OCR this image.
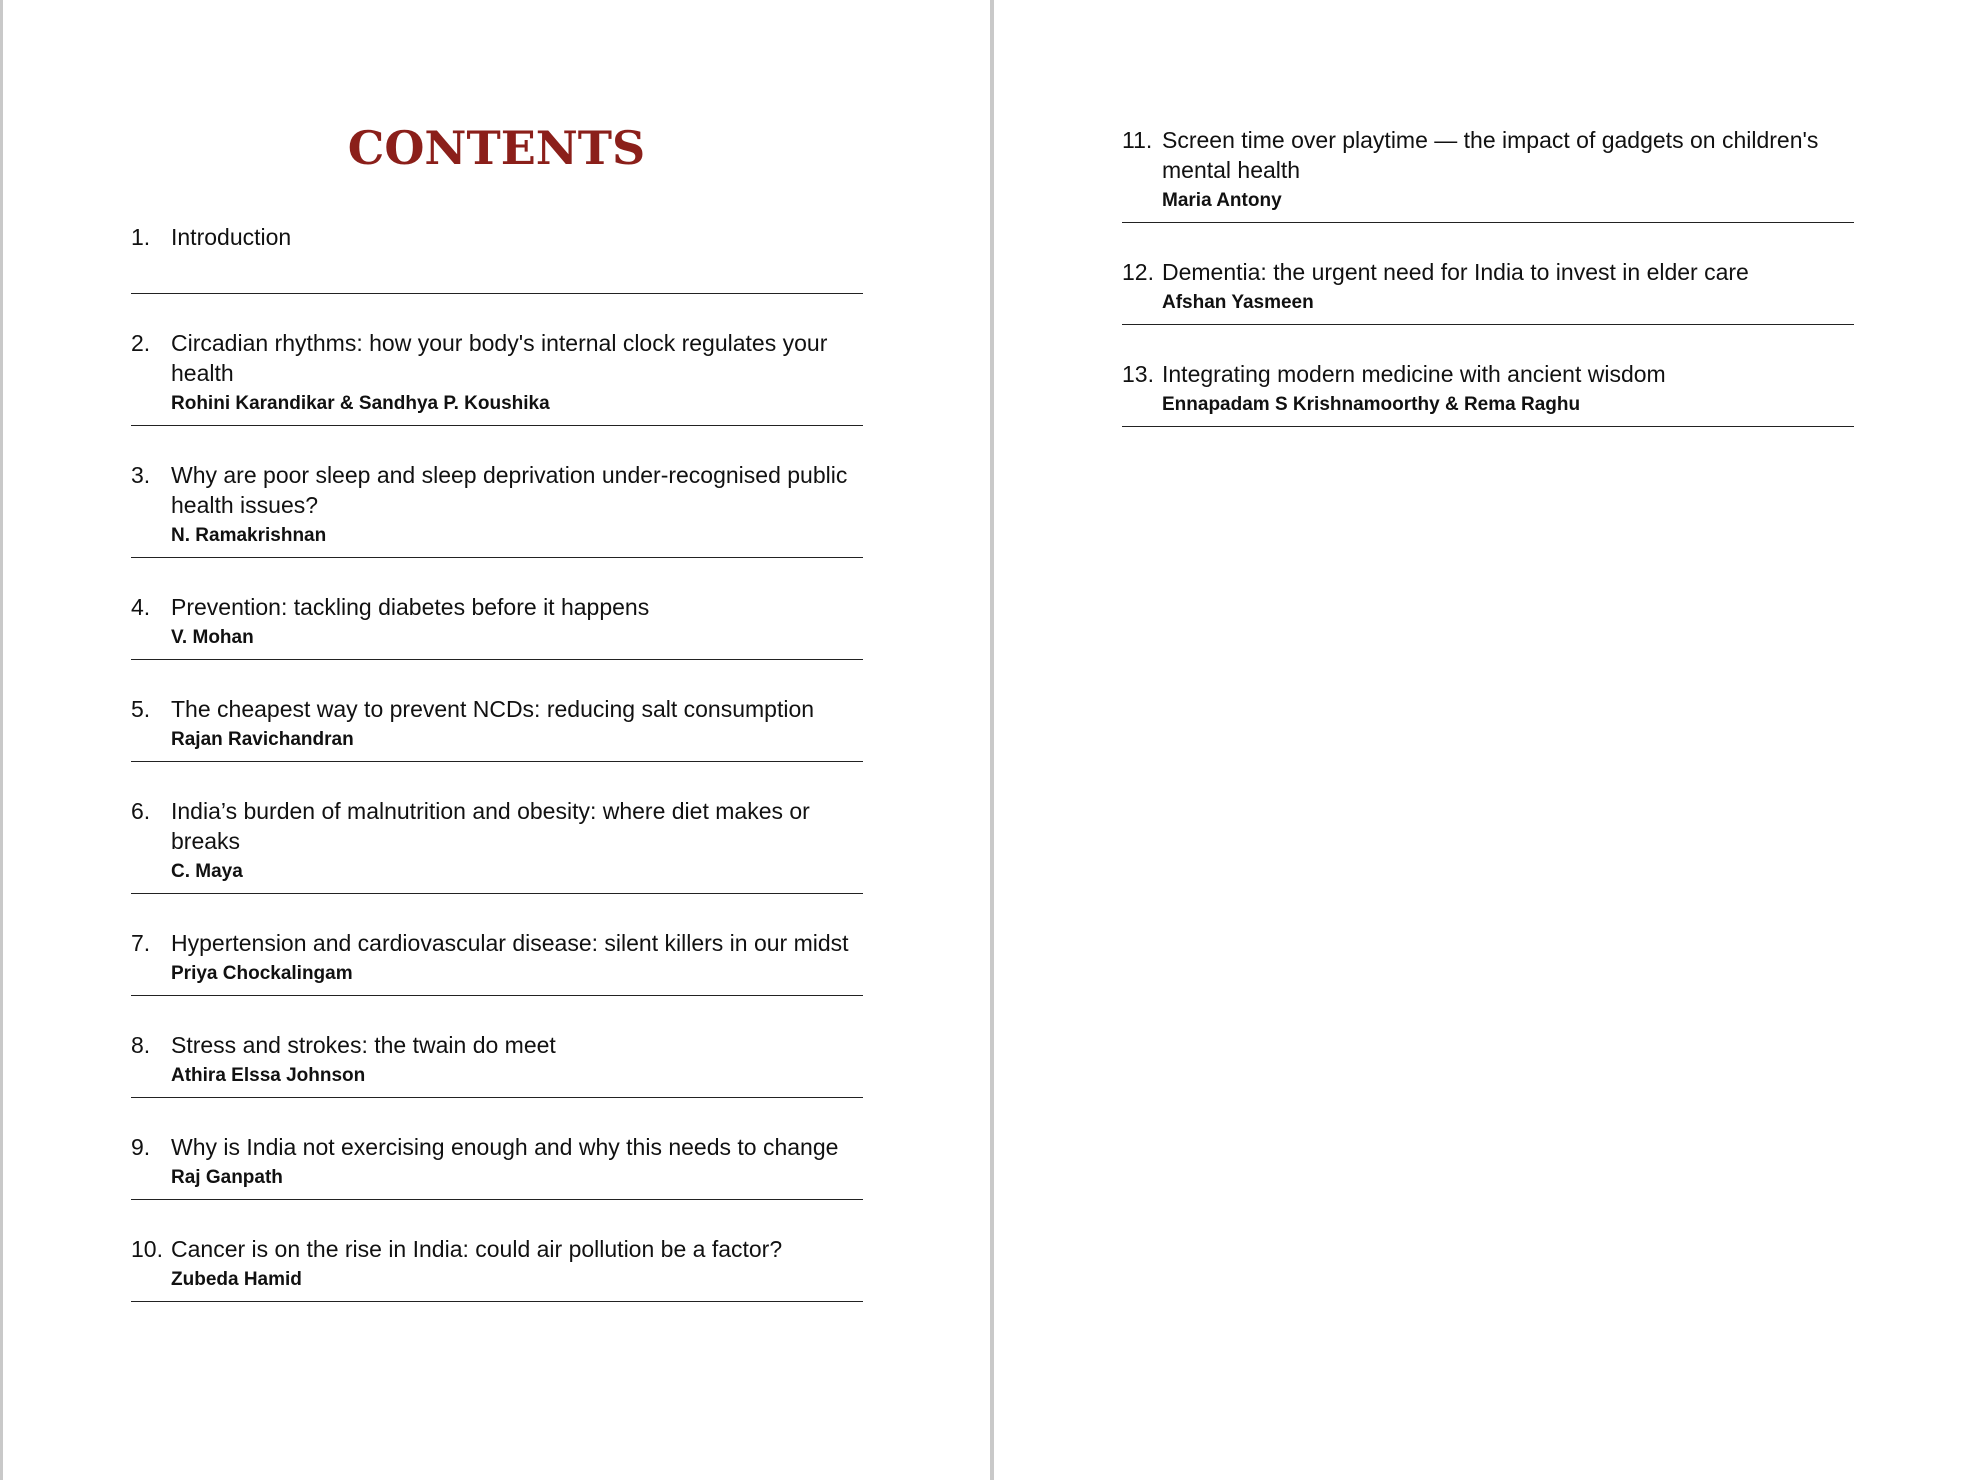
CONTENTS
1. Introduction
2. Circadian rhythms: how your body's internal clock regulates your health
Rohini Karandikar & Sandhya P. Koushika
3. Why are poor sleep and sleep deprivation under-recognised public health issues?
N. Ramakrishnan
4. Prevention: tackling diabetes before it happens
V. Mohan
5. The cheapest way to prevent NCDs: reducing salt consumption
Rajan Ravichandran
6. India’s burden of malnutrition and obesity: where diet makes or breaks
C. Maya
7. Hypertension and cardiovascular disease: silent killers in our midst
Priya Chockalingam
8. Stress and strokes: the twain do meet
Athira Elssa Johnson
9. Why is India not exercising enough and why this needs to change
Raj Ganpath
10. Cancer is on the rise in India: could air pollution be a factor?
Zubeda Hamid
11. Screen time over playtime — the impact of gadgets on children's mental health
Maria Antony
12. Dementia: the urgent need for India to invest in elder care
Afshan Yasmeen
13. Integrating modern medicine with ancient wisdom
Ennapadam S Krishnamoorthy & Rema Raghu
